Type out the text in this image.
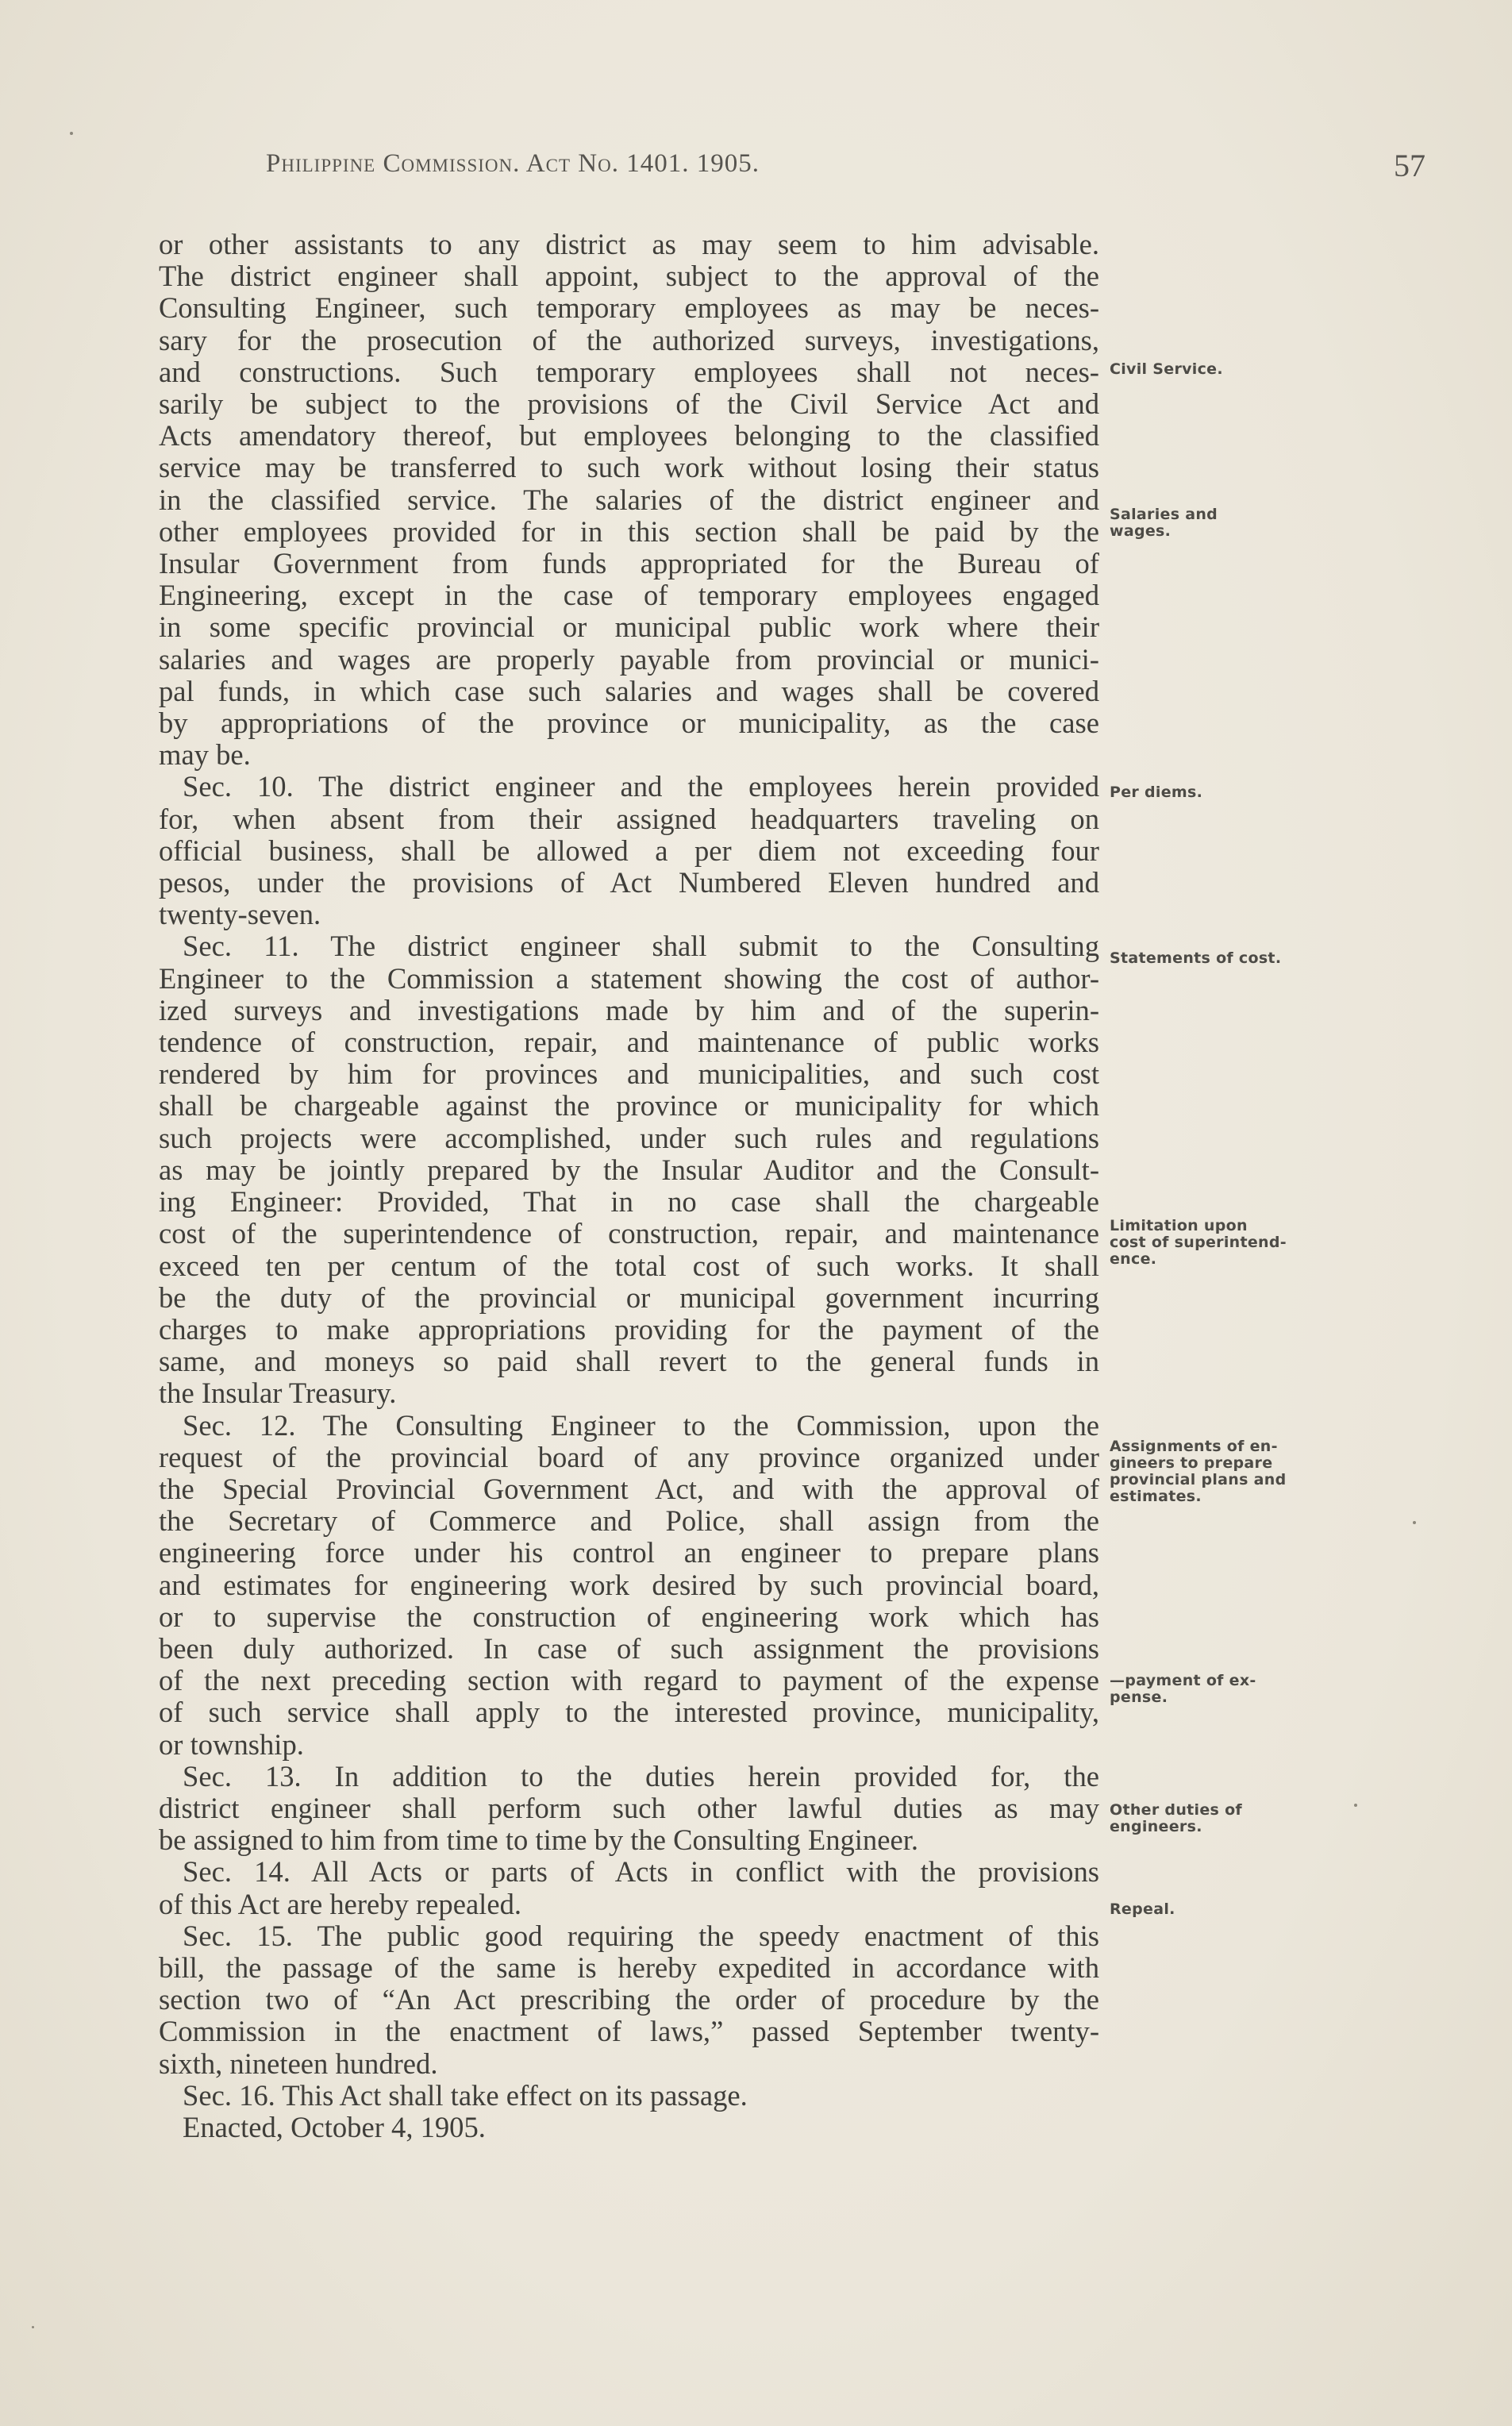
Philippine Commission. Act No. 1401. 1905.	57
or other assistants to any district as may seem to him advisable.
The district engineer shall appoint, subject to the approval of the
Consulting Engineer, such temporary employees as may be neces-
sary for the prosecution of the authorized surveys, investigations,
and constructions. Such temporary employees shall not neces-
sarily be subject to the provisions of the Civil Service Act and
Acts amendatory thereof, but employees belonging to the classified
service may be transferred to such work without losing their status
in the classified service. The salaries of the district engineer and
other employees provided for in this section shall be paid by the
Insular Government from funds appropriated for the Bureau of
Engineering, except in the case of temporary employees engaged
in some specific provincial or municipal public work where their
salaries and wages are properly payable from provincial or munici-
pal funds, in which case such salaries and wages shall be covered
by appropriations of the province or municipality, as the case
may be.
Sec. 10. The district engineer and the employees herein provided
for, when absent from their assigned headquarters traveling on
official business, shall be allowed a per diem not exceeding four
pesos, under the provisions of Act Numbered Eleven hundred and
twenty-seven.
Sec. 11. The district engineer shall submit to the Consulting
Engineer to the Commission a statement showing the cost of author-
ized surveys and investigations made by him and of the superin-
tendence of construction, repair, and maintenance of public works
rendered by him for provinces and municipalities, and such cost
shall be chargeable against the province or municipality for which
such projects were accomplished, under such rules and regulations
as may be jointly prepared by the Insular Auditor and the Consult-
ing Engineer: Provided, That in no case shall the chargeable
cost of the superintendence of construction, repair, and maintenance
exceed ten per centum of the total cost of such works. It shall
be the duty of the provincial or municipal government incurring
charges to make appropriations providing for the payment of the
same, and moneys so paid shall revert to the general funds in
the Insular Treasury.
Sec. 12. The Consulting Engineer to the Commission, upon the
request of the provincial board of any province organized under
the Special Provincial Government Act, and with the approval of
the Secretary of Commerce and Police, shall assign from the
engineering force under his control an engineer to prepare plans
and estimates for engineering work desired by such provincial board,
or to supervise the construction of engineering work which has
been duly authorized. In case of such assignment the provisions
of the next preceding section with regard to payment of the expense
of such service shall apply to the interested province, municipality,
or township.
Sec. 13. In addition to the duties herein provided for, the
district engineer shall perform such other lawful duties as may
be assigned to him from time to time by the Consulting Engineer.
Sec. 14. All Acts or parts of Acts in conflict with the provisions
of this Act are hereby repealed.
Sec. 15. The public good requiring the speedy enactment of this
bill, the passage of the same is hereby expedited in accordance with
section two of “An Act prescribing the order of procedure by the
Commission in the enactment of laws,” passed September twenty-
sixth, nineteen hundred.
Sec. 16. This Act shall take effect on its passage.
Enacted, October 4, 1905.
Civil Service.
Salaries and
wages.
Per diems.
Statements of cost.
Limitation upon
cost of superintend-
ence.
Assignments of en-
gineers to prepare
provincial plans and
estimates.
—payment of ex-
pense.
Other duties of
engineers.
Repeal.
